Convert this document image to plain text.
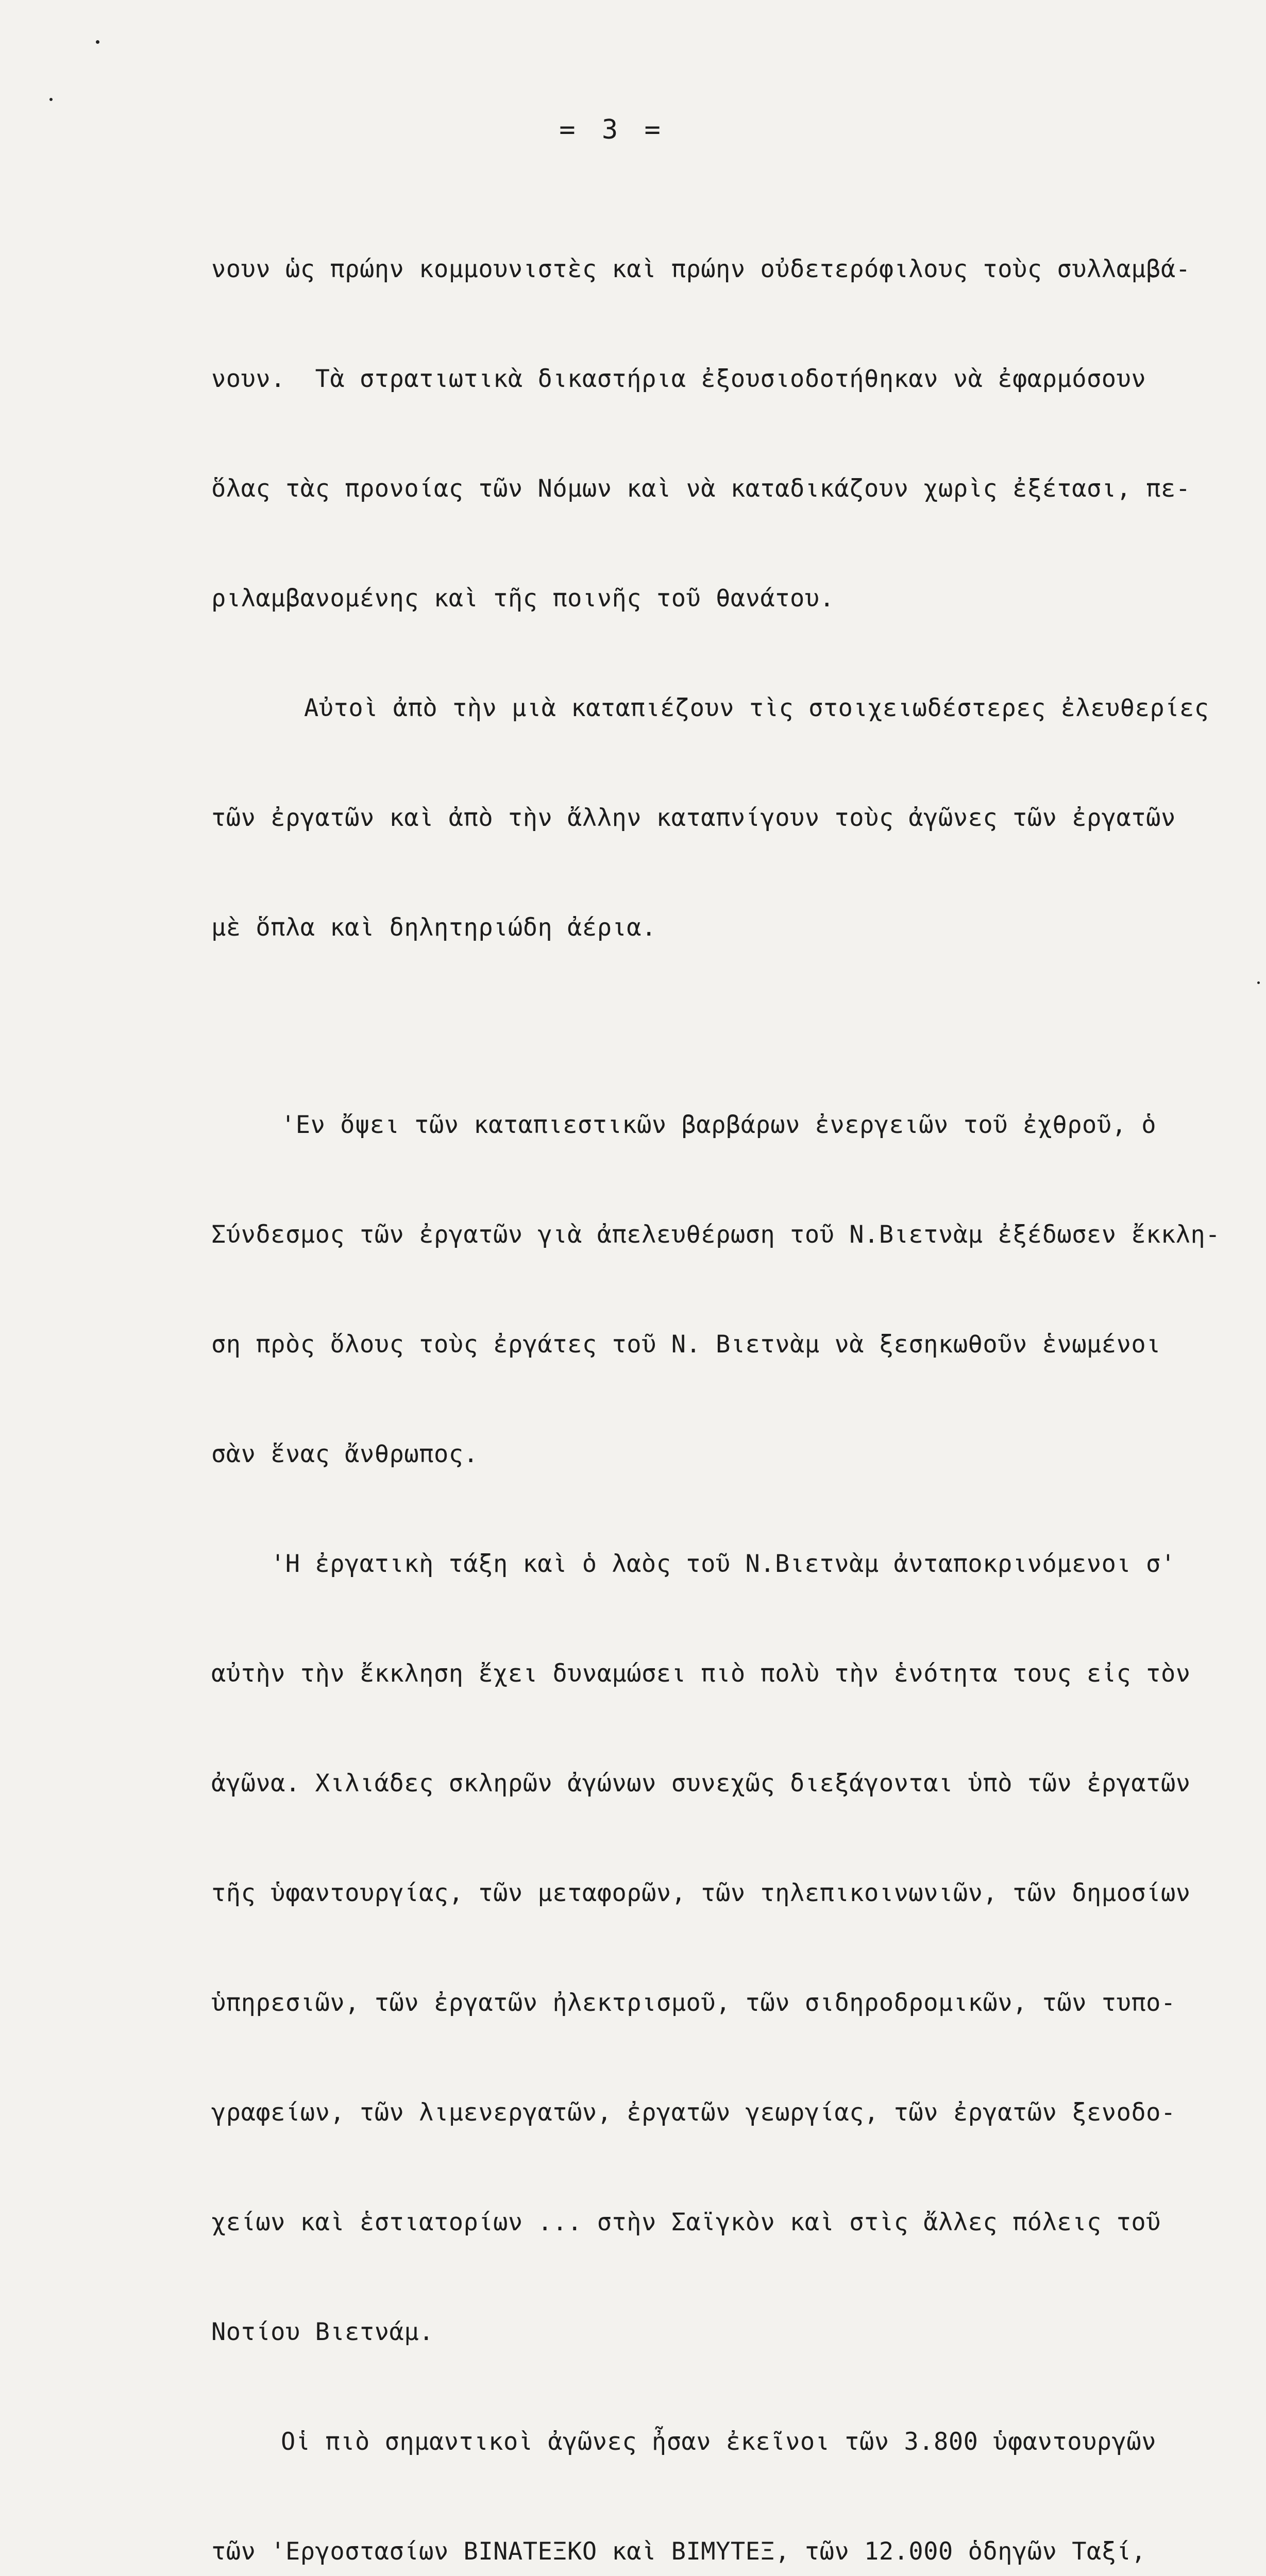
= 3 =

νουν ὡς πρώην κομμουνιστὲς καὶ πρώην οὐδετερόφιλους τοὺς συλλαμβά-

νουν.  Τὰ στρατιωτικὰ δικαστήρια ἐξουσιοδοτήθηκαν νὰ ἐφαρμόσουν

ὅλας τὰς προνοίας τῶν Νόμων καὶ νὰ καταδικάζουν χωρὶς ἐξέτασι, πε-

ριλαμβανομένης καὶ τῆς ποινῆς τοῦ θανάτου.

Αὐτοὶ ἀπὸ τὴν μιὰ καταπιέζουν τὶς στοιχειωδέστερες ἐλευθερίες

τῶν ἐργατῶν καὶ ἀπὸ τὴν ἄλλην καταπνίγουν τοὺς ἀγῶνες τῶν ἐργατῶν

μὲ ὅπλα καὶ δηλητηριώδη ἀέρια.

'Εν ὄψει τῶν καταπιεστικῶν βαρβάρων ἐνεργειῶν τοῦ ἐχθροῦ, ὁ

Σύνδεσμος τῶν ἐργατῶν γιὰ ἀπελευθέρωση τοῦ Ν.Βιετνὰμ ἐξέδωσεν ἔκκλη-

ση πρὸς ὅλους τοὺς ἐργάτες τοῦ Ν. Βιετνὰμ νὰ ξεσηκωθοῦν ἑνωμένοι

σὰν ἕνας ἄνθρωπος.

'Η ἐργατικὴ τάξη καὶ ὁ λαὸς τοῦ Ν.Βιετνὰμ ἀνταποκρινόμενοι σ'

αὐτὴν τὴν ἔκκληση ἔχει δυναμώσει πιὸ πολὺ τὴν ἑνότητα τους εἰς τὸν

ἀγῶνα. Χιλιάδες σκληρῶν ἀγώνων συνεχῶς διεξάγονται ὑπὸ τῶν ἐργατῶν

τῆς ὑφαντουργίας, τῶν μεταφορῶν, τῶν τηλεπικοινωνιῶν, τῶν δημοσίων

ὑπηρεσιῶν, τῶν ἐργατῶν ἠλεκτρισμοῦ, τῶν σιδηροδρομικῶν, τῶν τυπο-

γραφείων, τῶν λιμενεργατῶν, ἐργατῶν γεωργίας, τῶν ἐργατῶν ξενοδο-

χείων καὶ ἑστιατορίων ... στὴν Σαϊγκὸν καὶ στὶς ἄλλες πόλεις τοῦ

Νοτίου Βιετνάμ.

Οἱ πιὸ σημαντικοὶ ἀγῶνες ἦσαν ἐκεῖνοι τῶν 3.800 ὑφαντουργῶν

τῶν 'Εργοστασίων ΒΙΝΑΤΕΞΚΟ καὶ ΒΙΜΥΤΕΞ, τῶν 12.000 ὁδηγῶν Ταξί,
